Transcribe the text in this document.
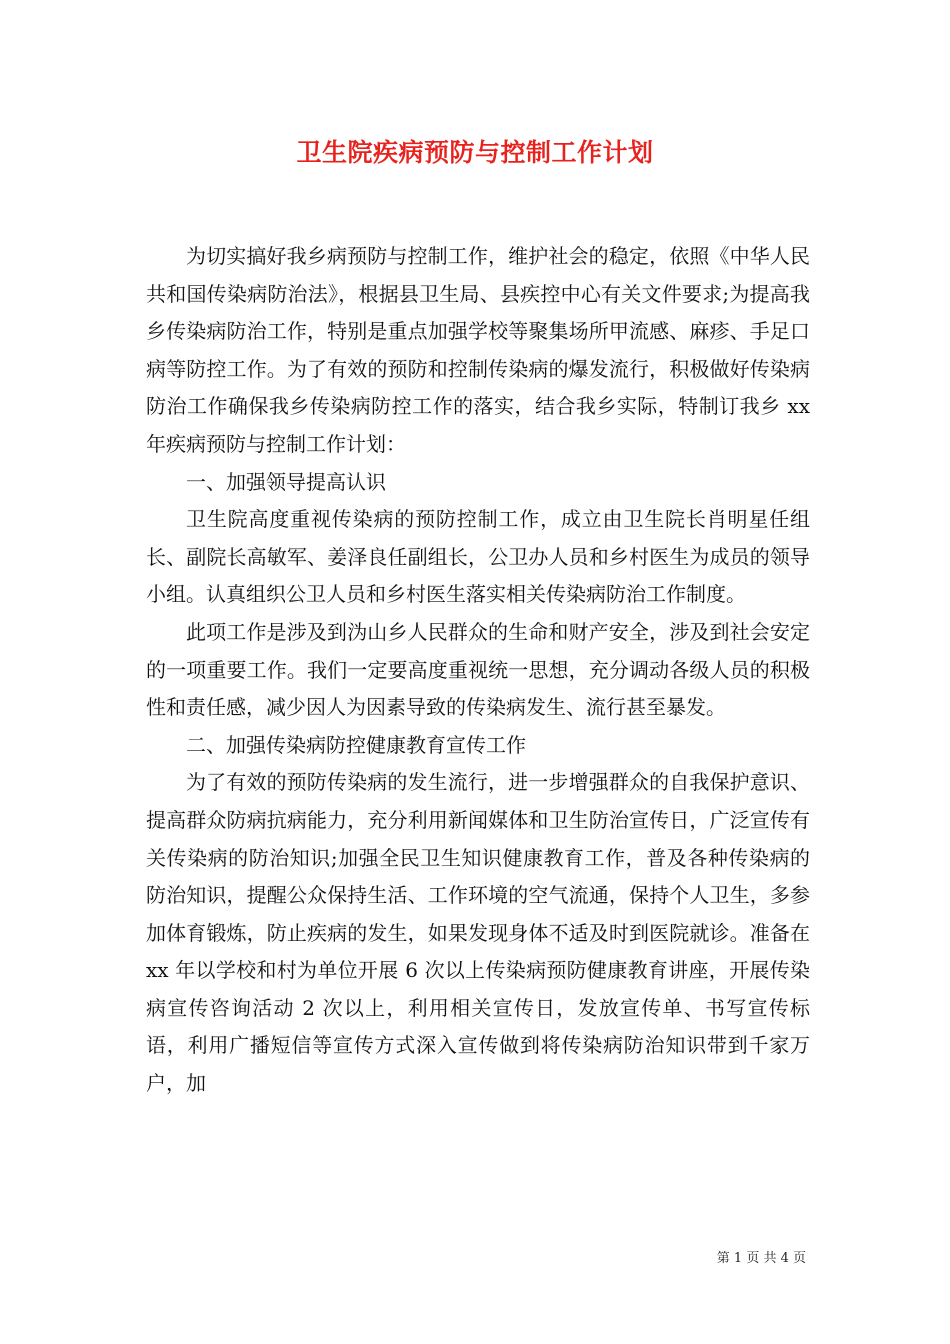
卫生院疾病预防与控制工作计划

为切实搞好我乡病预防与控制工作，维护社会的稳定，依照《中华人民共和国传染病防治法》，根据县卫生局、县疾控中心有关文件要求;为提高我乡传染病防治工作，特别是重点加强学校等聚集场所甲流感、麻疹、手足口病等防控工作。为了有效的预防和控制传染病的爆发流行，积极做好传染病防治工作确保我乡传染病防控工作的落实，结合我乡实际，特制订我乡 xx 年疾病预防与控制工作计划：

一、加强领导提高认识

卫生院高度重视传染病的预防控制工作，成立由卫生院长肖明星任组长、副院长高敏军、姜泽良任副组长，公卫办人员和乡村医生为成员的领导小组。认真组织公卫人员和乡村医生落实相关传染病防治工作制度。

此项工作是涉及到沩山乡人民群众的生命和财产安全，涉及到社会安定的一项重要工作。我们一定要高度重视统一思想，充分调动各级人员的积极性和责任感，减少因人为因素导致的传染病发生、流行甚至暴发。

二、加强传染病防控健康教育宣传工作

为了有效的预防传染病的发生流行，进一步增强群众的自我保护意识、提高群众防病抗病能力，充分利用新闻媒体和卫生防治宣传日，广泛宣传有关传染病的防治知识;加强全民卫生知识健康教育工作，普及各种传染病的防治知识，提醒公众保持生活、工作环境的空气流通，保持个人卫生，多参加体育锻炼，防止疾病的发生，如果发现身体不适及时到医院就诊。准备在 xx 年以学校和村为单位开展 6 次以上传染病预防健康教育讲座，开展传染病宣传咨询活动 2 次以上，利用相关宣传日，发放宣传单、书写宣传标语，利用广播短信等宣传方式深入宣传做到将传染病防治知识带到千家万户，加

第 1 页 共 4 页
